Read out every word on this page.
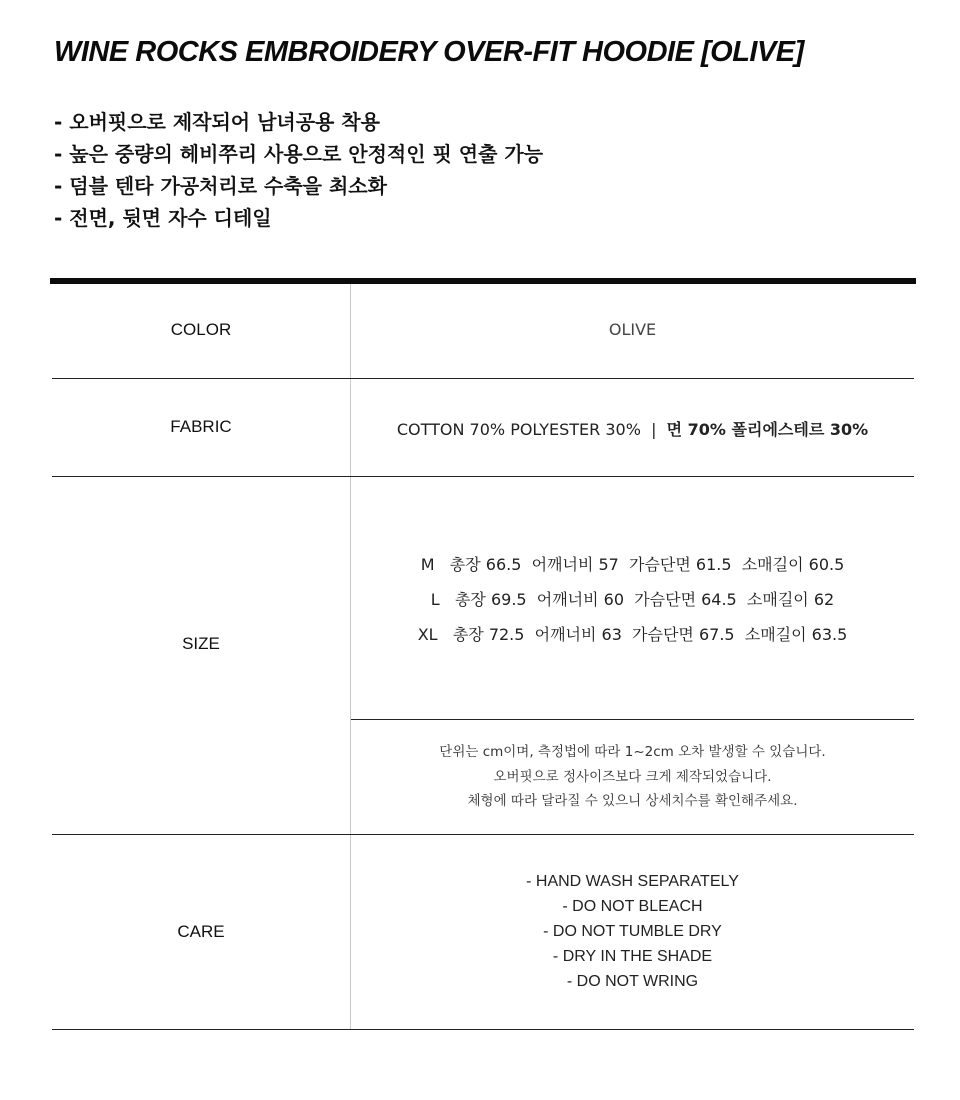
WINE ROCKS EMBROIDERY OVER-FIT HOODIE [OLIVE]
- 오버핏으로 제작되어 남녀공용 착용
- 높은 중량의 헤비쭈리 사용으로 안정적인 핏 연출 가능
- 덤블 텐타 가공처리로 수축을 최소화
- 전면, 뒷면 자수 디테일
COLOR	OLIVE
FABRIC	COTTON 70% POLYESTER 30%  |  면 70% 폴리에스테르 30%
SIZE
M   총장 66.5  어깨너비 57  가슴단면 61.5  소매길이 60.5
L   총장 69.5  어깨너비 60  가슴단면 64.5  소매길이 62
XL   총장 72.5  어깨너비 63  가슴단면 67.5  소매길이 63.5
단위는 cm이며, 측정법에 따라 1~2cm 오차 발생할 수 있습니다.
오버핏으로 정사이즈보다 크게 제작되었습니다.
체형에 따라 달라질 수 있으니 상세치수를 확인해주세요.
CARE
- HAND WASH SEPARATELY
- DO NOT BLEACH
- DO NOT TUMBLE DRY
- DRY IN THE SHADE
- DO NOT WRING
